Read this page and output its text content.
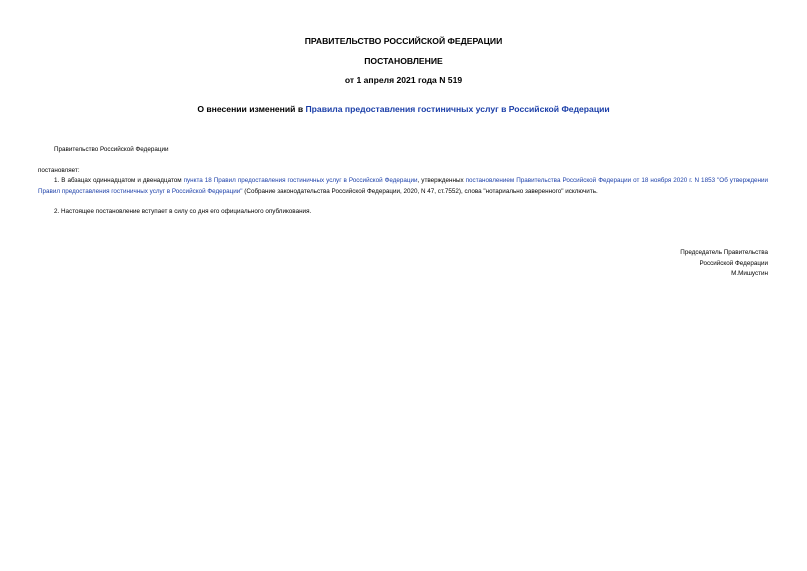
ПРАВИТЕЛЬСТВО РОССИЙСКОЙ ФЕДЕРАЦИИ
ПОСТАНОВЛЕНИЕ
от 1 апреля 2021 года N 519
О внесении изменений в Правила предоставления гостиничных услуг в Российской Федерации
Правительство Российской Федерации
постановляет:
1. В абзацах одиннадцатом и двенадцатом пункта 18 Правил предоставления гостиничных услуг в Российской Федерации, утвержденных постановлением Правительства Российской Федерации от 18 ноября 2020 г. N 1853 "Об утверждении Правил предоставления гостиничных услуг в Российской Федерации" (Собрание законодательства Российской Федерации, 2020, N 47, ст.7552), слова "нотариально заверенного" исключить.
2. Настоящее постановление вступает в силу со дня его официального опубликования.
Председатель Правительства
Российской Федерации
М.Мишустин
